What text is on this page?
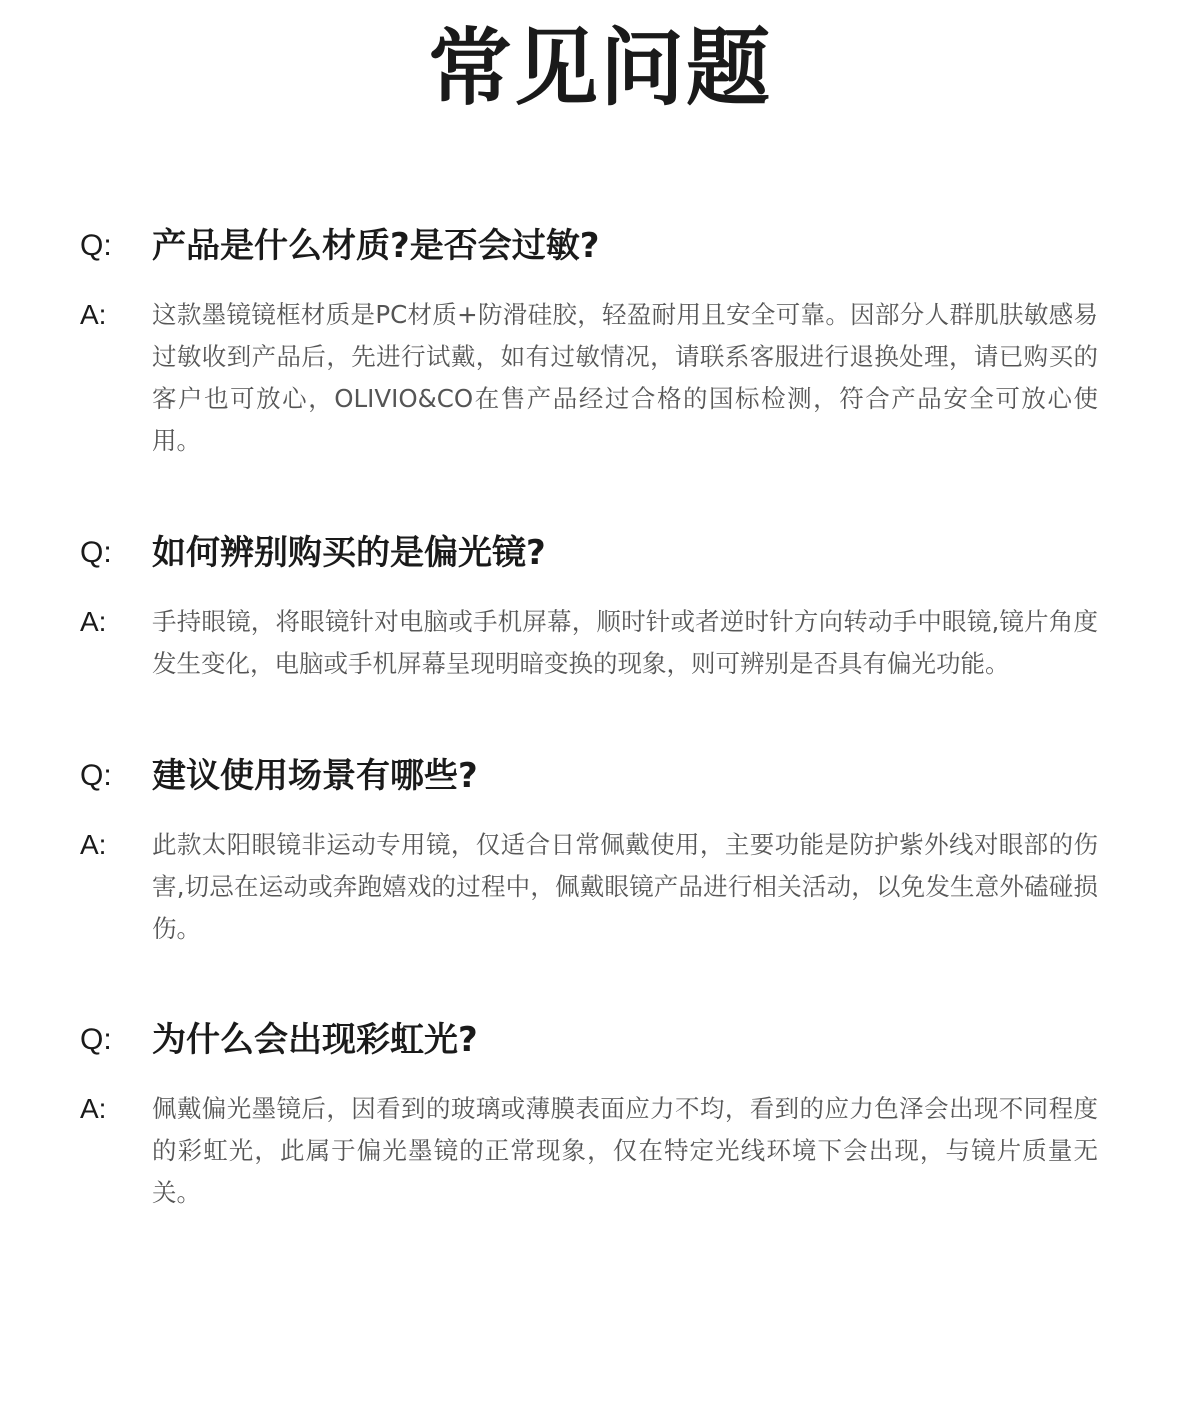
常见问题
Q:	产品是什么材质?是否会过敏?
A:	这款墨镜镜框材质是PC材质+防滑硅胶，轻盈耐用且安全可靠。因部分人群肌肤敏感易过敏收到产品后，先进行试戴，如有过敏情况，请联系客服进行退换处理，请已购买的客户也可放心，OLIVIO&CO在售产品经过合格的国标检测，符合产品安全可放心使用。
Q:	如何辨别购买的是偏光镜?
A:	手持眼镜，将眼镜针对电脑或手机屏幕，顺时针或者逆时针方向转动手中眼镜,镜片角度发生变化，电脑或手机屏幕呈现明暗变换的现象，则可辨别是否具有偏光功能。
Q:	建议使用场景有哪些?
A:	此款太阳眼镜非运动专用镜，仅适合日常佩戴使用，主要功能是防护紫外线对眼部的伤害,切忌在运动或奔跑嬉戏的过程中，佩戴眼镜产品进行相关活动，以免发生意外磕碰损伤。
Q:	为什么会出现彩虹光?
A:	佩戴偏光墨镜后，因看到的玻璃或薄膜表面应力不均，看到的应力色泽会出现不同程度的彩虹光，此属于偏光墨镜的正常现象，仅在特定光线环境下会出现，与镜片质量无关。
